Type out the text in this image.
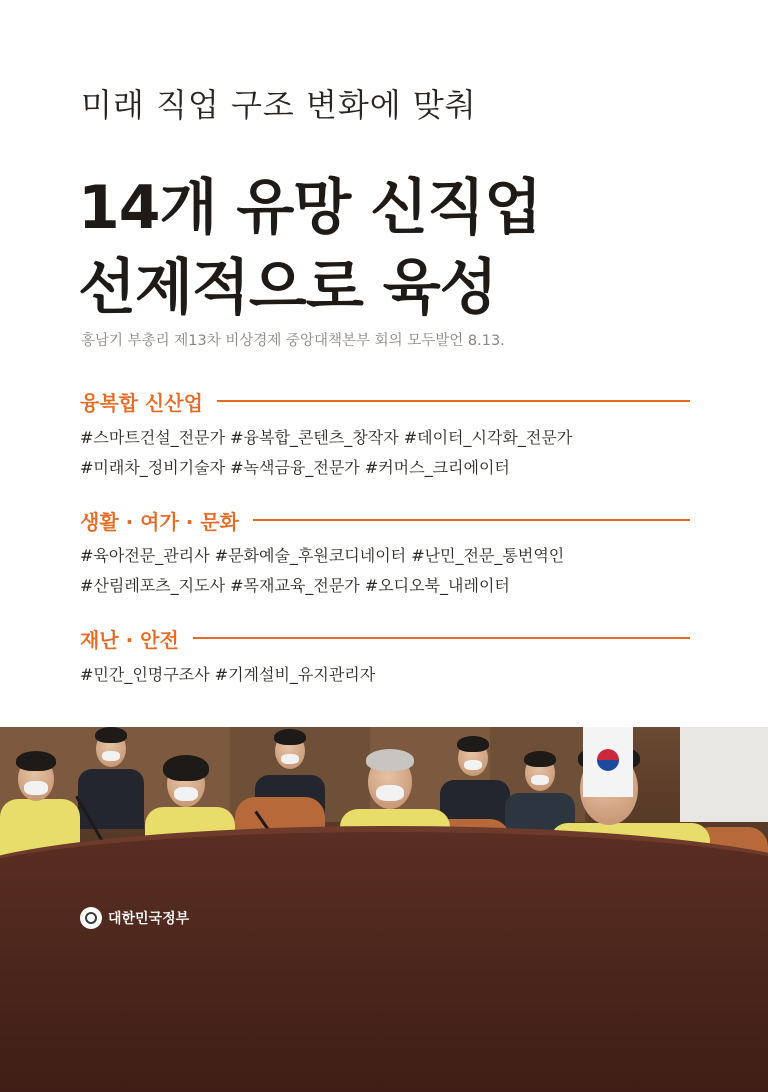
미래 직업 구조 변화에 맞춰
14개 유망 신직업
선제적으로 육성
홍남기 부총리 제13차 비상경제 중앙대책본부 회의 모두발언 8.13.
융복합 신산업
#스마트건설_전문가 #융복합_콘텐츠_창작자 #데이터_시각화_전문가
#미래차_정비기술자 #녹색금융_전문가 #커머스_크리에이터
생활 · 여가 · 문화
#육아전문_관리사 #문화예술_후원코디네이터 #난민_전문_통번역인
#산림레포츠_지도사 #목재교육_전문가 #오디오북_내레이터
재난 · 안전
#민간_인명구조사 #기계설비_유지관리자
대한민국정부
